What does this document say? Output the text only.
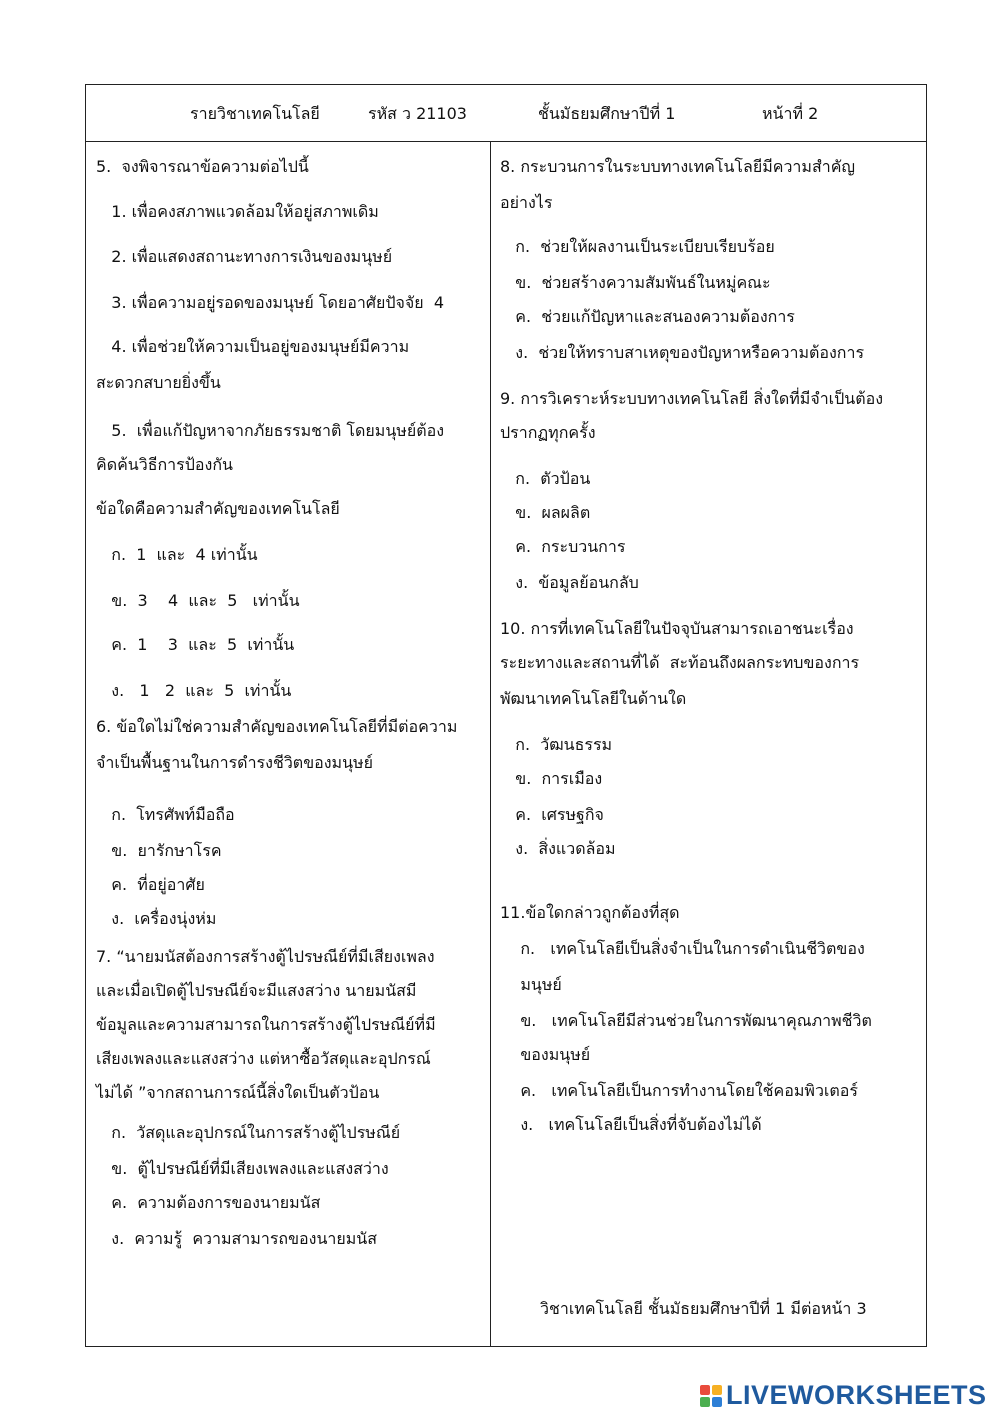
รายวิชาเทคโนโลยี	รหัส ว 21103	ชั้นมัธยมศึกษาปีที่ 1	หน้าที่ 2
5.  จงพิจารณาข้อความต่อไปนี้
1. เพื่อคงสภาพแวดล้อมให้อยู่สภาพเดิม
2. เพื่อแสดงสถานะทางการเงินของมนุษย์
3. เพื่อความอยู่รอดของมนุษย์ โดยอาศัยปัจจัย  4
4. เพื่อช่วยให้ความเป็นอยู่ของมนุษย์มีความ
สะดวกสบายยิ่งขึ้น
5.  เพื่อแก้ปัญหาจากภัยธรรมชาติ โดยมนุษย์ต้อง
คิดค้นวิธีการป้องกัน
ข้อใดคือความสำคัญของเทคโนโลยี
ก.  1  และ  4 เท่านั้น
ข.  3    4  และ  5   เท่านั้น
ค.  1    3  และ  5  เท่านั้น
ง.   1   2  และ  5  เท่านั้น
6. ข้อใดไม่ใช่ความสำคัญของเทคโนโลยีที่มีต่อความ
จำเป็นพื้นฐานในการดำรงชีวิตของมนุษย์
ก.  โทรศัพท์มือถือ
ข.  ยารักษาโรค
ค.  ที่อยู่อาศัย
ง.  เครื่องนุ่งห่ม
7. “นายมนัสต้องการสร้างตู้ไปรษณีย์ที่มีเสียงเพลง
และเมื่อเปิดตู้ไปรษณีย์จะมีแสงสว่าง นายมนัสมี
ข้อมูลและความสามารถในการสร้างตู้ไปรษณีย์ที่มี
เสียงเพลงและแสงสว่าง แต่หาซื้อวัสดุและอุปกรณ์
ไม่ได้ ”จากสถานการณ์นี้สิ่งใดเป็นตัวป้อน
ก.  วัสดุและอุปกรณ์ในการสร้างตู้ไปรษณีย์
ข.  ตู้ไปรษณีย์ที่มีเสียงเพลงและแสงสว่าง
ค.  ความต้องการของนายมนัส
ง.  ความรู้  ความสามารถของนายมนัส
8. กระบวนการในระบบทางเทคโนโลยีมีความสำคัญ
อย่างไร
ก.  ช่วยให้ผลงานเป็นระเบียบเรียบร้อย
ข.  ช่วยสร้างความสัมพันธ์ในหมู่คณะ
ค.  ช่วยแก้ปัญหาและสนองความต้องการ
ง.  ช่วยให้ทราบสาเหตุของปัญหาหรือความต้องการ
9. การวิเคราะห์ระบบทางเทคโนโลยี สิ่งใดที่มีจำเป็นต้อง
ปรากฏทุกครั้ง
ก.  ตัวป้อน
ข.  ผลผลิต
ค.  กระบวนการ
ง.  ข้อมูลย้อนกลับ
10. การที่เทคโนโลยีในปัจจุบันสามารถเอาชนะเรื่อง
ระยะทางและสถานที่ได้  สะท้อนถึงผลกระทบของการ
พัฒนาเทคโนโลยีในด้านใด
ก.  วัฒนธรรม
ข.  การเมือง
ค.  เศรษฐกิจ
ง.  สิ่งแวดล้อม
11.ข้อใดกล่าวถูกต้องที่สุด
ก.   เทคโนโลยีเป็นสิ่งจำเป็นในการดำเนินชีวิตของ
มนุษย์
ข.   เทคโนโลยีมีส่วนช่วยในการพัฒนาคุณภาพชีวิต
ของมนุษย์
ค.   เทคโนโลยีเป็นการทำงานโดยใช้คอมพิวเตอร์
ง.   เทคโนโลยีเป็นสิ่งที่จับต้องไม่ได้
วิชาเทคโนโลยี ชั้นมัธยมศึกษาปีที่ 1 มีต่อหน้า 3
LIVEWORKSHEETS
